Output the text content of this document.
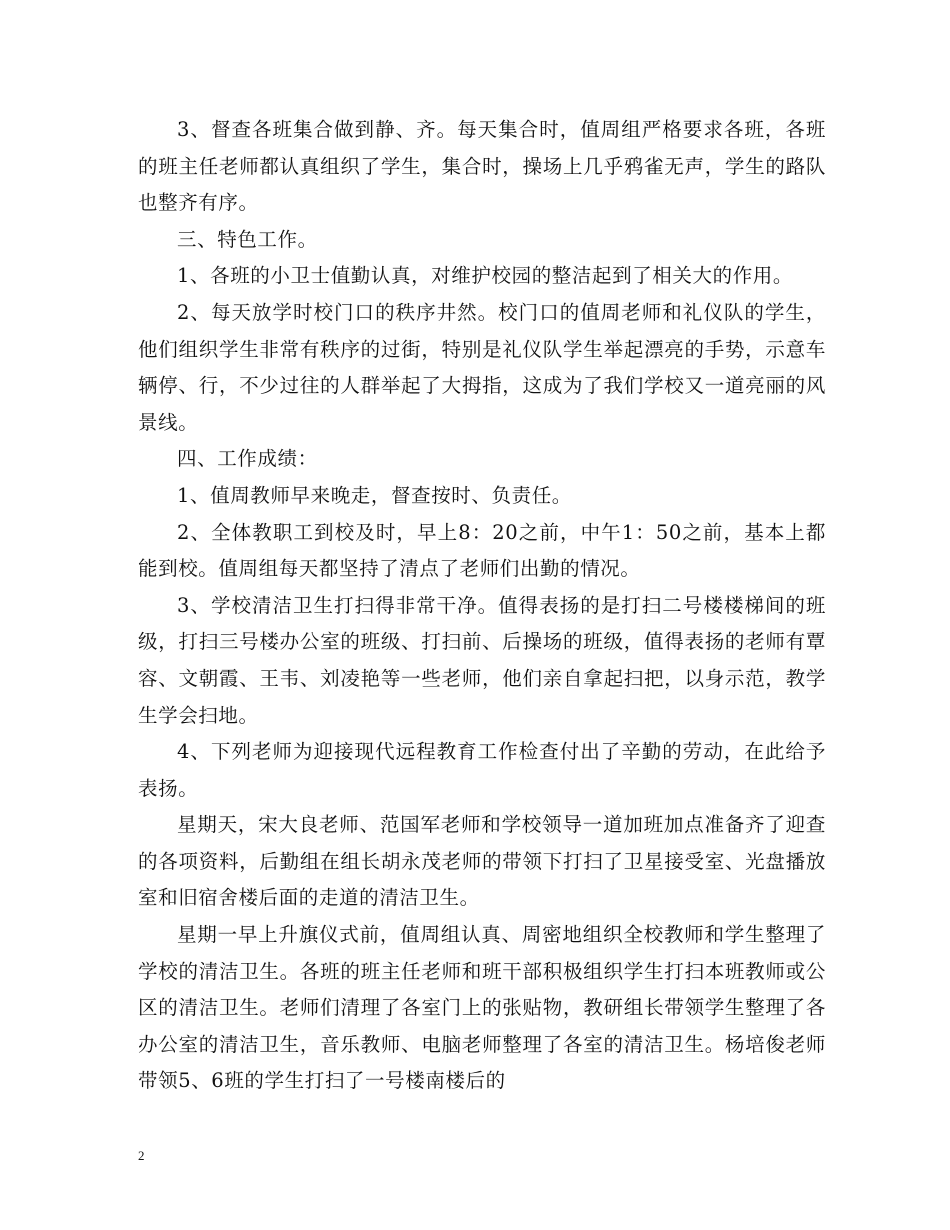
3、督查各班集合做到静、齐。每天集合时，值周组严格要求各班，各班的班主任老师都认真组织了学生，集合时，操场上几乎鸦雀无声，学生的路队也整齐有序。

三、特色工作。

1、各班的小卫士值勤认真，对维护校园的整洁起到了相关大的作用。

2、每天放学时校门口的秩序井然。校门口的值周老师和礼仪队的学生，他们组织学生非常有秩序的过街，特别是礼仪队学生举起漂亮的手势，示意车辆停、行，不少过往的人群举起了大拇指，这成为了我们学校又一道亮丽的风景线。

四、工作成绩：

1、值周教师早来晚走，督查按时、负责任。

2、全体教职工到校及时，早上8：20之前，中午1：50之前，基本上都能到校。值周组每天都坚持了清点了老师们出勤的情况。

3、学校清洁卫生打扫得非常干净。值得表扬的是打扫二号楼楼梯间的班级，打扫三号楼办公室的班级、打扫前、后操场的班级，值得表扬的老师有覃容、文朝霞、王韦、刘凌艳等一些老师，他们亲自拿起扫把，以身示范，教学生学会扫地。

4、下列老师为迎接现代远程教育工作检查付出了辛勤的劳动，在此给予表扬。

星期天，宋大良老师、范国军老师和学校领导一道加班加点准备齐了迎查的各项资料，后勤组在组长胡永茂老师的带领下打扫了卫星接受室、光盘播放室和旧宿舍楼后面的走道的清洁卫生。

星期一早上升旗仪式前，值周组认真、周密地组织全校教师和学生整理了学校的清洁卫生。各班的班主任老师和班干部积极组织学生打扫本班教师或公区的清洁卫生。老师们清理了各室门上的张贴物，教研组长带领学生整理了各办公室的清洁卫生，音乐教师、电脑老师整理了各室的清洁卫生。杨培俊老师带领5、6班的学生打扫了一号楼南楼后的

2
